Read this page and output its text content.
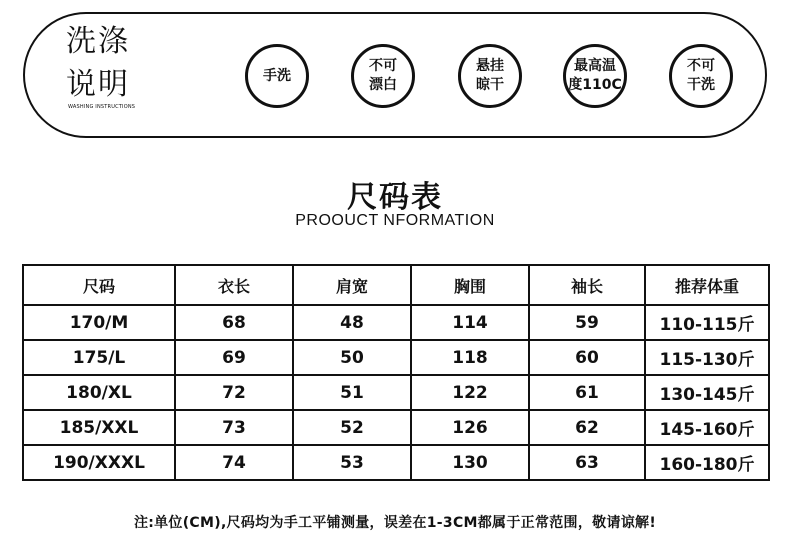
洗涤
说明
WASHING INSTRUCTIONS
手洗
不可
漂白
悬挂
晾干
最高温
度110C
不可
干洗
尺码表
PROOUCT NFORMATION
尺码	衣长	肩宽	胸围	袖长	推荐体重
170/M	68	48	114	59	110-115斤
175/L	69	50	118	60	115-130斤
180/XL	72	51	122	61	130-145斤
185/XXL	73	52	126	62	145-160斤
190/XXXL	74	53	130	63	160-180斤
注:单位(CM),尺码均为手工平铺测量，误差在1-3CM都属于正常范围，敬请谅解!
